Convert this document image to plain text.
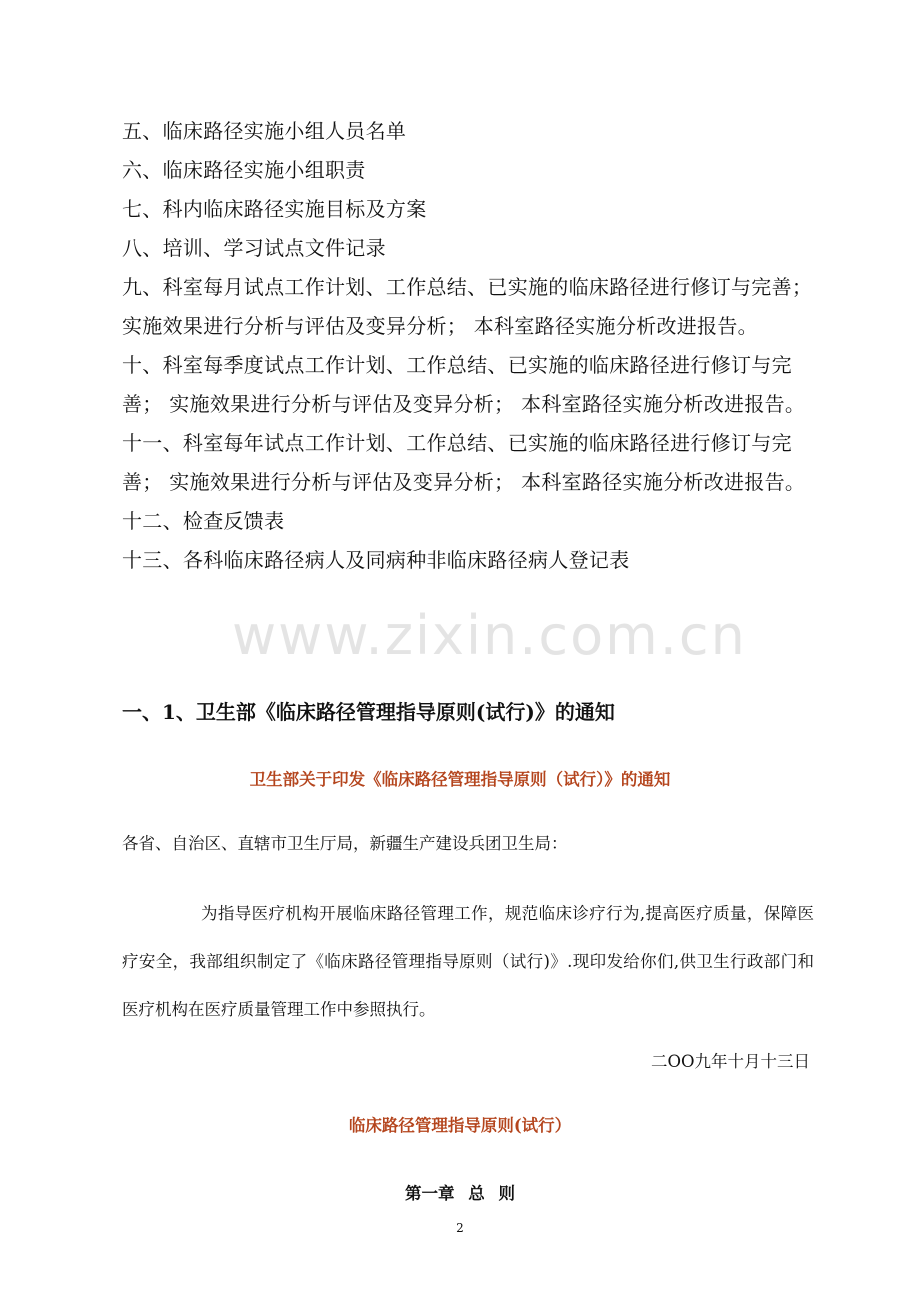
五、临床路径实施小组人员名单

六、临床路径实施小组职责

七、科内临床路径实施目标及方案

八、培训、学习试点文件记录

九、科室每月试点工作计划、工作总结、已实施的临床路径进行修订与完善； 实施效果进行分析与评估及变异分析； 本科室路径实施分析改进报告。

十、科室每季度试点工作计划、工作总结、已实施的临床路径进行修订与完善； 实施效果进行分析与评估及变异分析； 本科室路径实施分析改进报告。

十一、科室每年试点工作计划、工作总结、已实施的临床路径进行修订与完善； 实施效果进行分析与评估及变异分析； 本科室路径实施分析改进报告。

十二、检查反馈表

十三、各科临床路径病人及同病种非临床路径病人登记表

一、1、卫生部《临床路径管理指导原则(试行)》的通知

卫生部关于印发《临床路径管理指导原则（试行）》的通知

各省、自治区、直辖市卫生厅局，新疆生产建设兵团卫生局：

为指导医疗机构开展临床路径管理工作，规范临床诊疗行为,提高医疗质量，保障医疗安全，我部组织制定了《临床路径管理指导原则（试行)》.现印发给你们,供卫生行政部门和医疗机构在医疗质量管理工作中参照执行。

二OO九年十月十三日

临床路径管理指导原则(试行）

第一章 总 则

2

www.zixin.com.cn
